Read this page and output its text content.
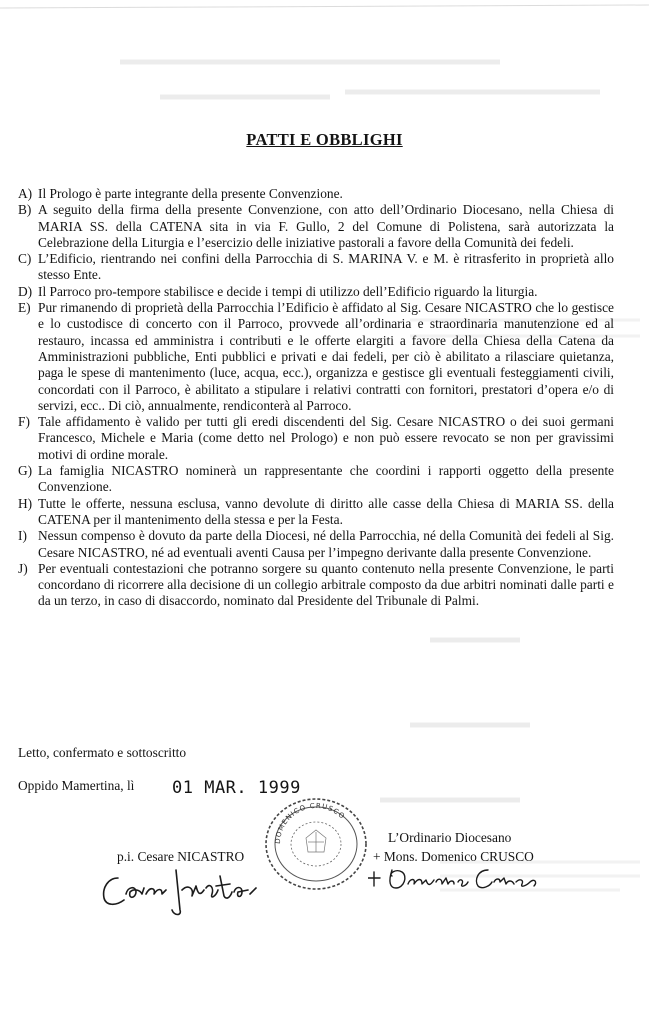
PATTI E OBBLIGHI
A) Il Prologo è parte integrante della presente Convenzione.
B) A seguito della firma della presente Convenzione, con atto dell’Ordinario Diocesano, nella Chiesa di MARIA SS. della CATENA sita in via F. Gullo, 2 del Comune di Polistena, sarà autorizzata la Celebrazione della Liturgia e l’esercizio delle iniziative pastorali a favore della Comunità dei fedeli.
C) L’Edificio, rientrando nei confini della Parrocchia di S. MARINA V. e M. è ritrasferito in proprietà allo stesso Ente.
D) Il Parroco pro-tempore stabilisce e decide i tempi di utilizzo dell’Edificio riguardo la liturgia.
E) Pur rimanendo di proprietà della Parrocchia l’Edificio è affidato al Sig. Cesare NICASTRO che lo gestisce e lo custodisce di concerto con il Parroco, provvede all’ordinaria e straordinaria manutenzione ed al restauro, incassa ed amministra i contributi e le offerte elargiti a favore della Chiesa della Catena da Amministrazioni pubbliche, Enti pubblici e privati e dai fedeli, per ciò è abilitato a rilasciare quietanza, paga le spese di mantenimento (luce, acqua, ecc.), organizza e gestisce gli eventuali festeggiamenti civili, concordati con il Parroco, è abilitato a stipulare i relativi contratti con fornitori, prestatori d’opera e/o di servizi, ecc.. Di ciò, annualmente, rendiconterà al Parroco.
F) Tale affidamento è valido per tutti gli eredi discendenti del Sig. Cesare NICASTRO o dei suoi germani Francesco, Michele e Maria (come detto nel Prologo) e non può essere revocato se non per gravissimi motivi di ordine morale.
G) La famiglia NICASTRO nominerà un rappresentante che coordini i rapporti oggetto della presente Convenzione.
H) Tutte le offerte, nessuna esclusa, vanno devolute di diritto alle casse della Chiesa di MARIA SS. della CATENA per il mantenimento della stessa e per la Festa.
I) Nessun compenso è dovuto da parte della Diocesi, né della Parrocchia, né della Comunità dei fedeli al Sig. Cesare NICASTRO, né ad eventuali aventi Causa per l’impegno derivante dalla presente Convenzione.
J) Per eventuali contestazioni che potranno sorgere su quanto contenuto nella presente Convenzione, le parti concordano di ricorrere alla decisione di un collegio arbitrale composto da due arbitri nominati dalle parti e da un terzo, in caso di disaccordo, nominato dal Presidente del Tribunale di Palmi.
Letto, confermato e sottoscritto
Oppido Mamertina, lì 01 MAR. 1999
DOMENICO CRUSCO
L’Ordinario Diocesano
p.i. Cesare NICASTRO	+ Mons. Domenico CRUSCO
